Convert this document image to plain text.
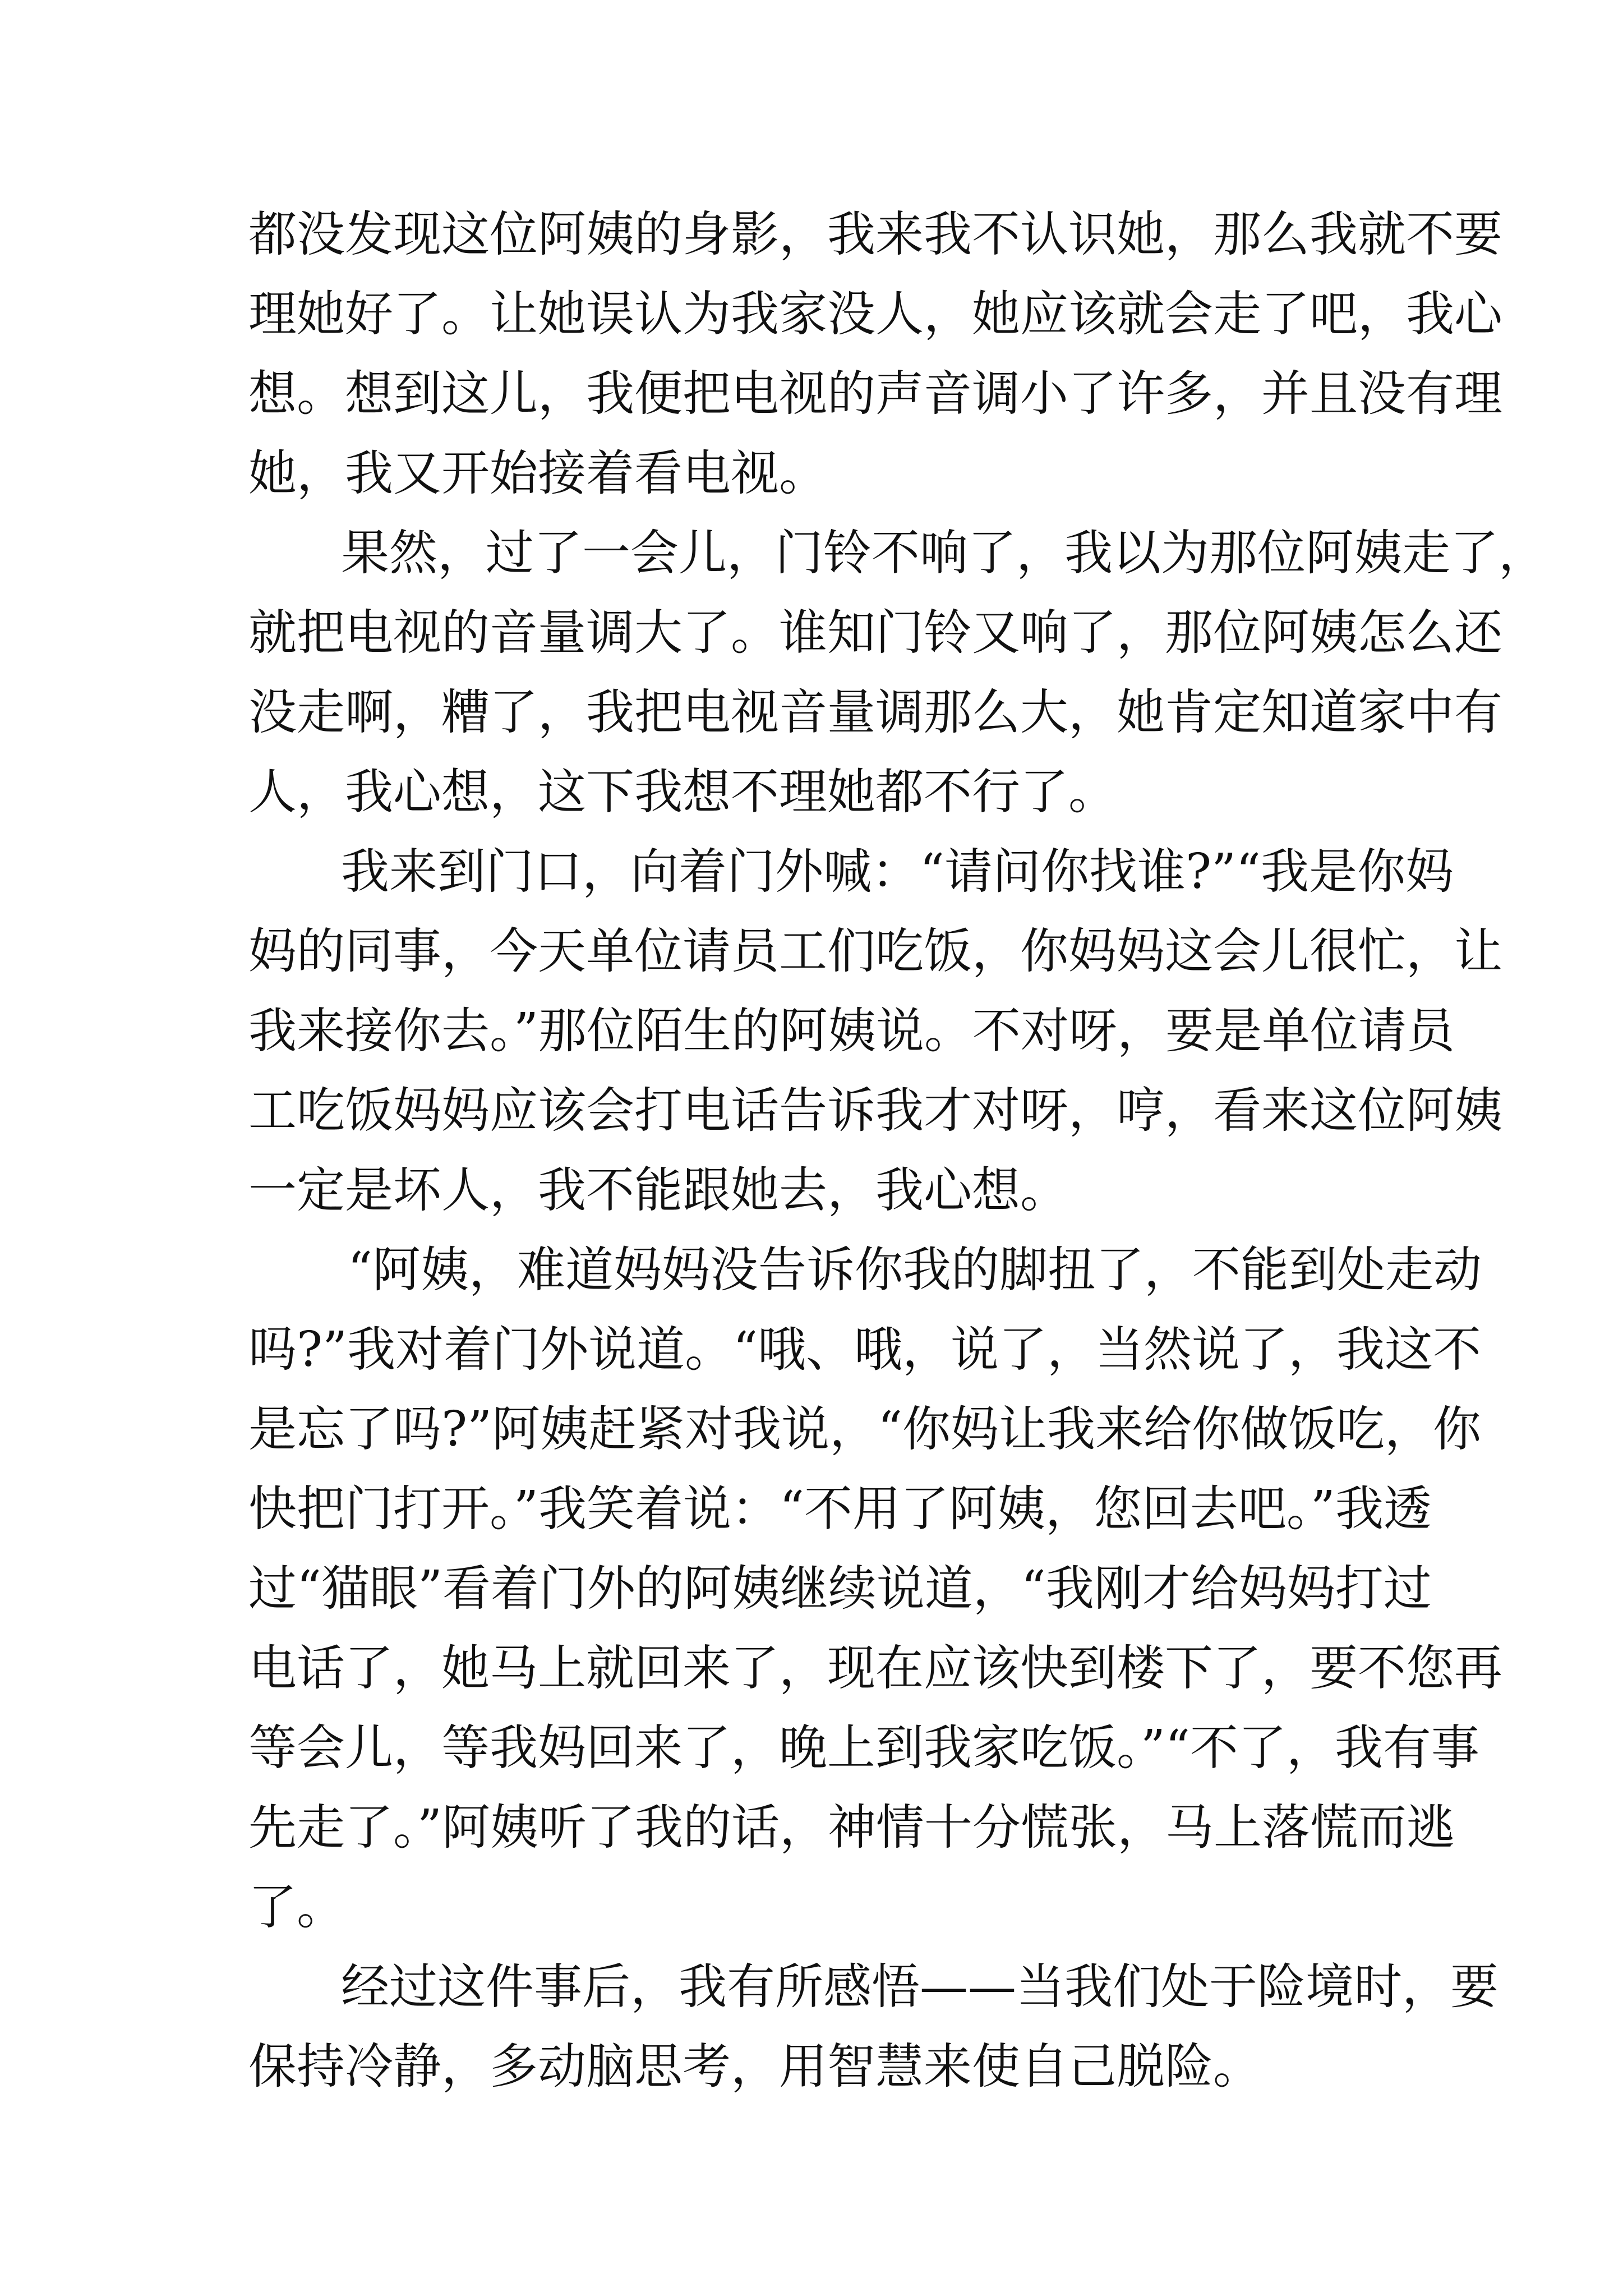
都没发现这位阿姨的身影，我来我不认识她，那么我就不要

理她好了。让她误认为我家没人，她应该就会走了吧，我心

想。想到这儿，我便把电视的声音调小了许多，并且没有理

她，我又开始接着看电视。

果然，过了一会儿，门铃不响了，我以为那位阿姨走了，

就把电视的音量调大了。谁知门铃又响了，那位阿姨怎么还

没走啊，糟了，我把电视音量调那么大，她肯定知道家中有

人，我心想，这下我想不理她都不行了。

我来到门口，向着门外喊：“请问你找谁?”“我是你妈

妈的同事，今天单位请员工们吃饭，你妈妈这会儿很忙，让

我来接你去。”那位陌生的阿姨说。不对呀，要是单位请员

工吃饭妈妈应该会打电话告诉我才对呀，哼，看来这位阿姨

一定是坏人，我不能跟她去，我心想。

“阿姨，难道妈妈没告诉你我的脚扭了，不能到处走动

吗?”我对着门外说道。“哦、哦，说了，当然说了，我这不

是忘了吗?”阿姨赶紧对我说，“你妈让我来给你做饭吃，你

快把门打开。”我笑着说：“不用了阿姨，您回去吧。”我透

过“猫眼”看着门外的阿姨继续说道，“我刚才给妈妈打过

电话了，她马上就回来了，现在应该快到楼下了，要不您再

等会儿，等我妈回来了，晚上到我家吃饭。”“不了，我有事

先走了。”阿姨听了我的话，神情十分慌张，马上落慌而逃

了。

经过这件事后，我有所感悟——当我们处于险境时，要

保持冷静，多动脑思考，用智慧来使自己脱险。
